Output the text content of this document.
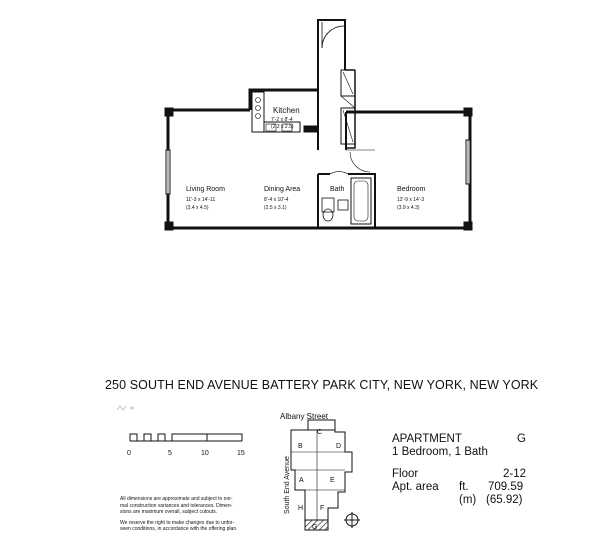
Kitchen
7'-2 x 8'-4
(2.2 x 2.5)
Living Room
11'-3 x 14'-11
(3.4 x 4.5)
Dining Area
8'-4 x 10'-4
(2.5 x 3.1)
Bath	Bedroom
12'-9 x 14'-3
(3.9 x 4.3)
0	5	10	15
Albany Street
South End Avenue
B
C
D
A	E
H F
G
250 SOUTH END AVENUE BATTERY PARK CITY, NEW YORK, NEW YORK
All dimensions are approximate and subject to nor-
mal construction variances and tolerances. Dimen-
sions are maximum overall, subject cutouts.
We reserve the right to make changes due to unfor-
seen conditions, in accordance with the offering plan.
APARTMENT	G
1 Bedroom, 1 Bath
Floor	2-12
Apt. area ft. 709.59
(m) (65.92)
